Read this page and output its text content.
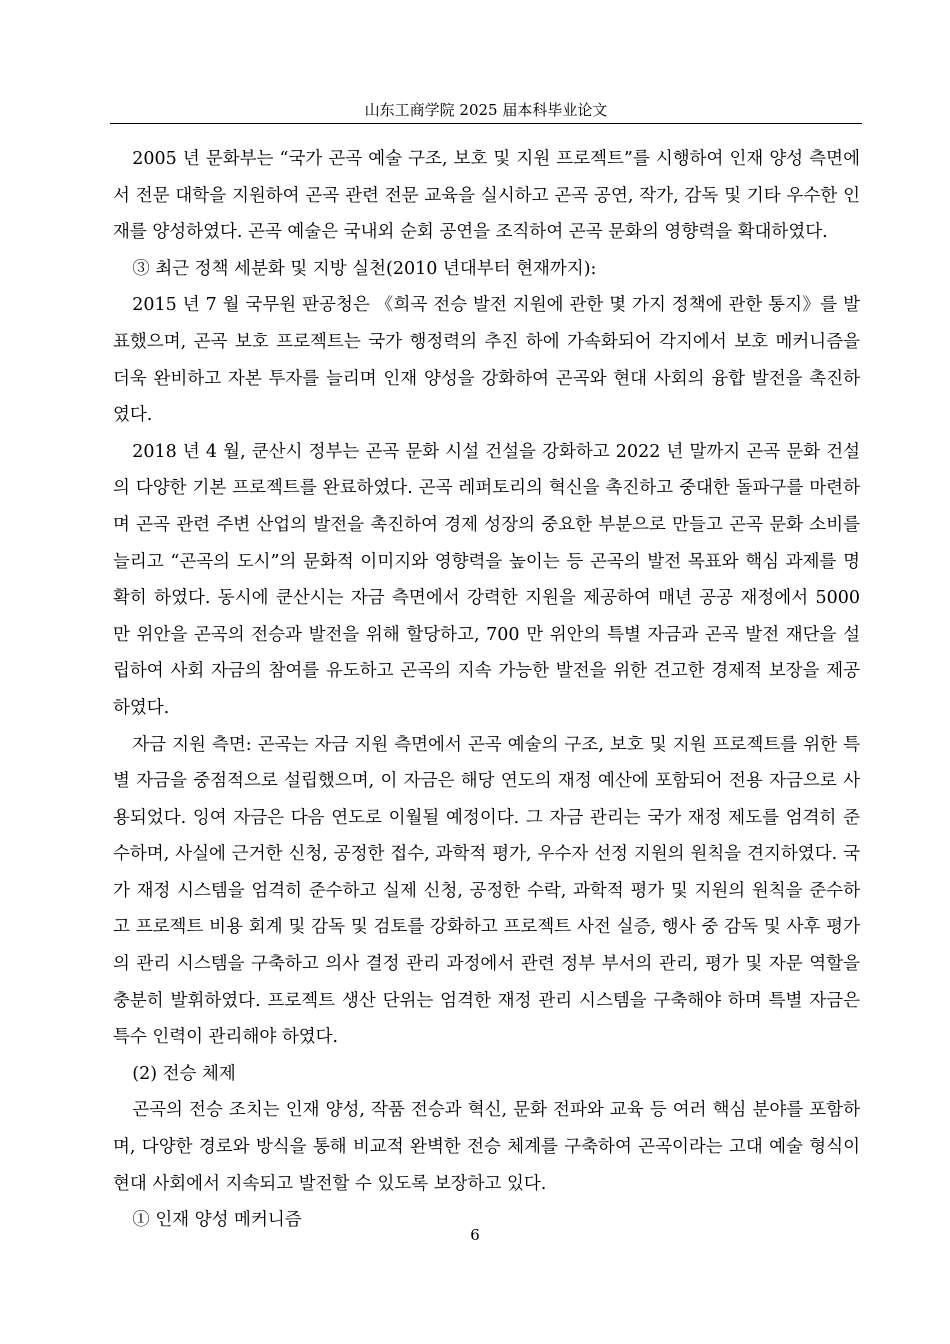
山东工商学院 2025 届本科毕业论文

2005 년 문화부는 “국가 곤곡 예술 구조, 보호 및 지원 프로젝트”를 시행하여 인재 양성 측면에서 전문 대학을 지원하여 곤곡 관련 전문 교육을 실시하고 곤곡 공연, 작가, 감독 및 기타 우수한 인재를 양성하였다. 곤곡 예술은 국내외 순회 공연을 조직하여 곤곡 문화의 영향력을 확대하였다.

③ 최근 정책 세분화 및 지방 실천(2010 년대부터 현재까지):

2015 년 7 월 국무원 판공청은 《희곡 전승 발전 지원에 관한 몇 가지 정책에 관한 통지》를 발표했으며, 곤곡 보호 프로젝트는 국가 행정력의 추진 하에 가속화되어 각지에서 보호 메커니즘을 더욱 완비하고 자본 투자를 늘리며 인재 양성을 강화하여 곤곡와 현대 사회의 융합 발전을 촉진하였다.

2018 년 4 월, 쿤산시 정부는 곤곡 문화 시설 건설을 강화하고 2022 년 말까지 곤곡 문화 건설의 다양한 기본 프로젝트를 완료하였다. 곤곡 레퍼토리의 혁신을 촉진하고 중대한 돌파구를 마련하며 곤곡 관련 주변 산업의 발전을 촉진하여 경제 성장의 중요한 부분으로 만들고 곤곡 문화 소비를 늘리고 “곤곡의 도시”의 문화적 이미지와 영향력을 높이는 등 곤곡의 발전 목표와 핵심 과제를 명확히 하였다. 동시에 쿤산시는 자금 측면에서 강력한 지원을 제공하여 매년 공공 재정에서 5000 만 위안을 곤곡의 전승과 발전을 위해 할당하고, 700 만 위안의 특별 자금과 곤곡 발전 재단을 설립하여 사회 자금의 참여를 유도하고 곤곡의 지속 가능한 발전을 위한 견고한 경제적 보장을 제공하였다.

자금 지원 측면: 곤곡는 자금 지원 측면에서 곤곡 예술의 구조, 보호 및 지원 프로젝트를 위한 특별 자금을 중점적으로 설립했으며, 이 자금은 해당 연도의 재정 예산에 포함되어 전용 자금으로 사용되었다. 잉여 자금은 다음 연도로 이월될 예정이다. 그 자금 관리는 국가 재정 제도를 엄격히 준수하며, 사실에 근거한 신청, 공정한 접수, 과학적 평가, 우수자 선정 지원의 원칙을 견지하였다. 국가 재정 시스템을 엄격히 준수하고 실제 신청, 공정한 수락, 과학적 평가 및 지원의 원칙을 준수하고 프로젝트 비용 회계 및 감독 및 검토를 강화하고 프로젝트 사전 실증, 행사 중 감독 및 사후 평가의 관리 시스템을 구축하고 의사 결정 관리 과정에서 관련 정부 부서의 관리, 평가 및 자문 역할을 충분히 발휘하였다. 프로젝트 생산 단위는 엄격한 재정 관리 시스템을 구축해야 하며 특별 자금은 특수 인력이 관리해야 하였다.

(2) 전승 체제

곤곡의 전승 조치는 인재 양성, 작품 전승과 혁신, 문화 전파와 교육 등 여러 핵심 분야를 포함하며, 다양한 경로와 방식을 통해 비교적 완벽한 전승 체계를 구축하여 곤곡이라는 고대 예술 형식이 현대 사회에서 지속되고 발전할 수 있도록 보장하고 있다.

① 인재 양성 메커니즘

6
